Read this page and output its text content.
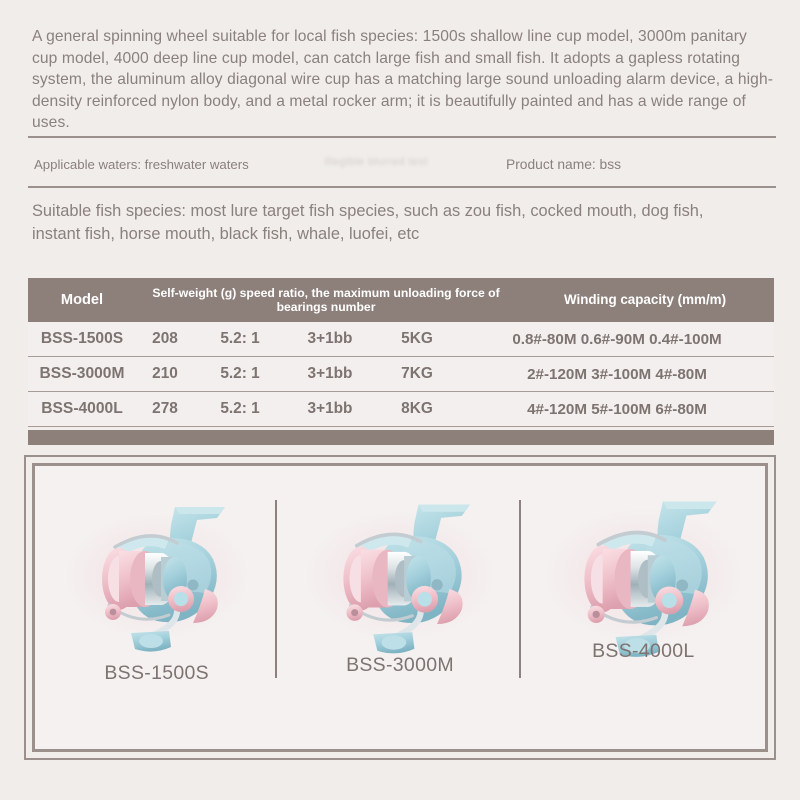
A general spinning wheel suitable for local fish species: 1500s shallow line cup model, 3000m panitary cup model, 4000 deep line cup model, can catch large fish and small fish. It adopts a gapless rotating system, the aluminum alloy diagonal wire cup has a matching large sound unloading alarm device, a high-density reinforced nylon body, and a metal rocker arm; it is beautifully painted and has a wide range of uses.
Applicable waters: freshwater waters	illegible blurred text	Product name: bss
Suitable fish species: most lure target fish species, such as zou fish, cocked mouth, dog fish, instant fish, horse mouth, black fish, whale, luofei, etc
Model	Self-weight (g) speed ratio, the maximum unloading force of bearings number	Winding capacity (mm/m)
BSS-1500S	208	5.2: 1	3+1bb	5KG	0.8#-80M 0.6#-90M 0.4#-100M
BSS-3000M	210	5.2: 1	3+1bb	7KG	2#-120M 3#-100M 4#-80M
BSS-4000L	278	5.2: 1	3+1bb	8KG	4#-120M 5#-100M 6#-80M
BSS-1500S	BSS-3000M
BSS-4000L
